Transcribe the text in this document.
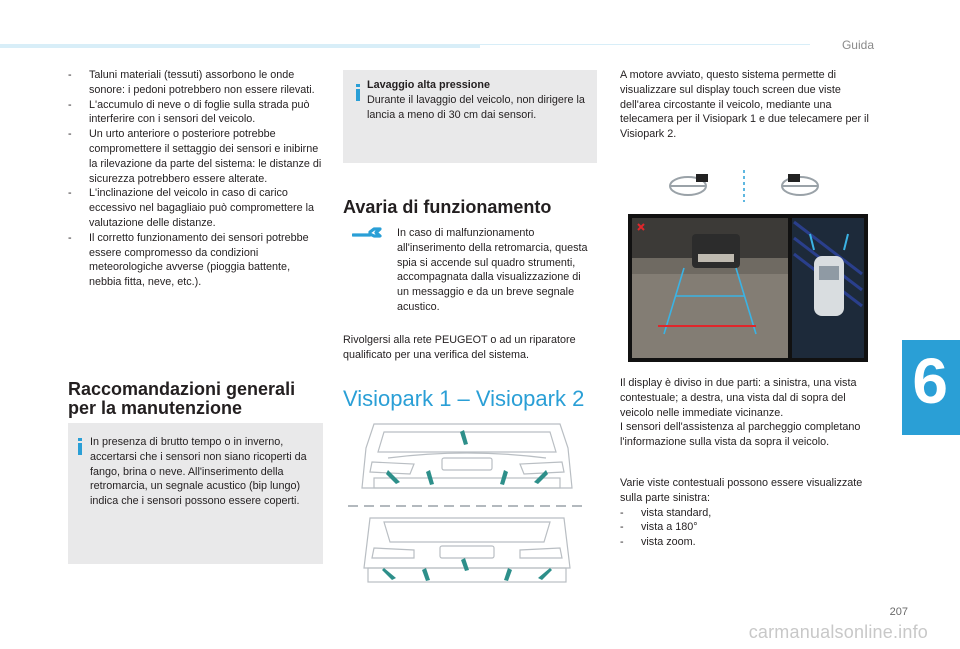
Guida
6
- Taluni materiali (tessuti) assorbono le onde sonore: i pedoni potrebbero non essere rilevati.
- L'accumulo di neve o di foglie sulla strada può interferire con i sensori del veicolo.
- Un urto anteriore o posteriore potrebbe compromettere il settaggio dei sensori e inibirne la rilevazione da parte del sistema: le distanze di sicurezza potrebbero essere alterate.
- L'inclinazione del veicolo in caso di carico eccessivo nel bagagliaio può compromettere la valutazione delle distanze.
- Il corretto funzionamento dei sensori potrebbe essere compromesso da condizioni meteorologiche avverse (pioggia battente, nebbia fitta, neve, etc.).
Raccomandazioni generali
per la manutenzione
In presenza di brutto tempo o in inverno, accertarsi che i sensori non siano ricoperti da fango, brina o neve. All'inserimento della retromarcia, un segnale acustico (bip lungo) indica che i sensori possono essere coperti.
Lavaggio alta pressione
Durante il lavaggio del veicolo, non dirigere la lancia a meno di 30 cm dai sensori.
Avaria di funzionamento
In caso di malfunzionamento all'inserimento della retromarcia, questa spia si accende sul quadro strumenti, accompagnata dalla visualizzazione di un messaggio e da un breve segnale acustico.
Rivolgersi alla rete PEUGEOT o ad un riparatore qualificato per una verifica del sistema.
Visiopark 1 – Visiopark 2
A motore avviato, questo sistema permette di visualizzare sul display touch screen due viste dell'area circostante il veicolo, mediante una telecamera per il Visiopark 1 e due telecamere per il Visiopark 2.
Il display è diviso in due parti: a sinistra, una vista contestuale; a destra, una vista dal di sopra del veicolo nelle immediate vicinanze.
I sensori dell'assistenza al parcheggio completano l'informazione sulla vista da sopra il veicolo.
Varie viste contestuali possono essere visualizzate sulla parte sinistra:
- vista standard,
- vista a 180°
- vista zoom.
207
carmanualsonline.info
